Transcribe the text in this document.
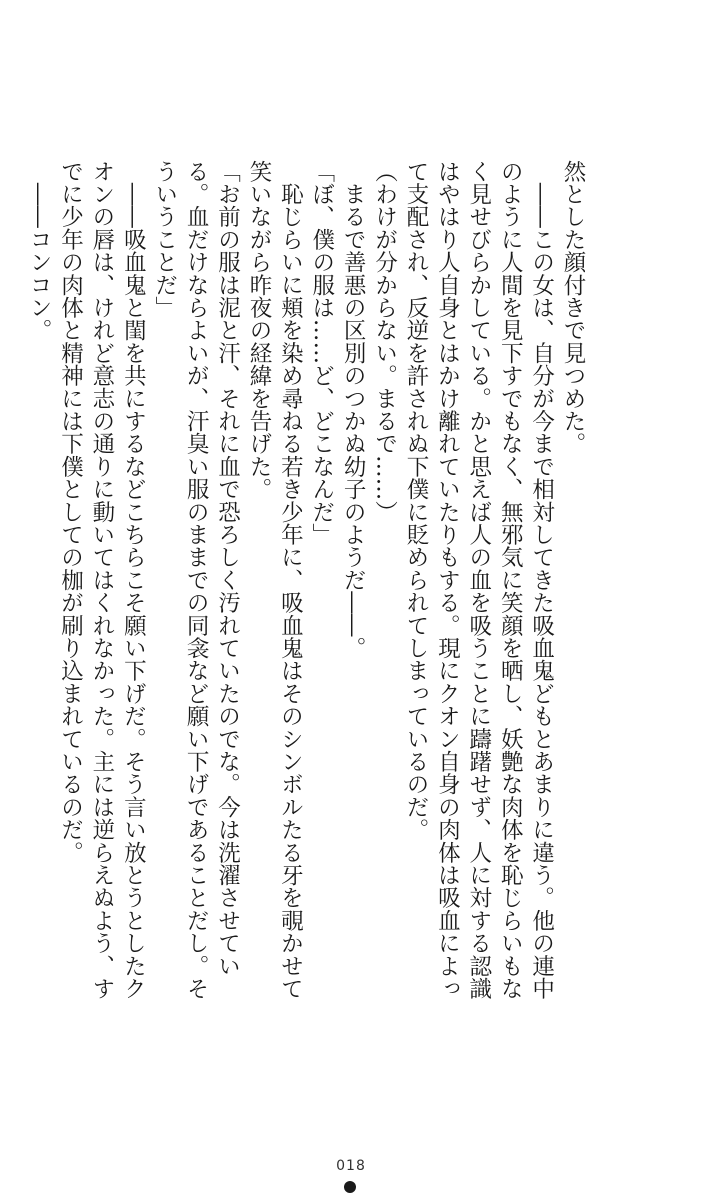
然とした顔付きで見つめた。

　――この女は、自分が今まで相対してきた吸血鬼どもとあまりに違う。他の連中のように人間を見下すでもなく、無邪気に笑顔を晒し、妖艶な肉体を恥じらいもなく見せびらかしている。かと思えば人の血を吸うことに躊躇せず、人に対する認識はやはり人自身とはかけ離れていたりもする。現にクオン自身の肉体は吸血によって支配され、反逆を許されぬ下僕に貶められてしまっているのだ。

（わけが分からない。まるで……）

　まるで善悪の区別のつかぬ幼子のようだ――。

「ぼ、僕の服は……ど、どこなんだ」

　恥じらいに頬を染め尋ねる若き少年に、吸血鬼はそのシンボルたる牙を覗かせて笑いながら昨夜の経緯を告げた。

「お前の服は泥と汗、それに血で恐ろしく汚れていたのでな。今は洗濯させている。血だけならよいが、汗臭い服のままでの同衾など願い下げであることだし。そういうことだ」

　――吸血鬼と閨を共にするなどこちらこそ願い下げだ。そう言い放とうとしたクオンの唇は、けれど意志の通りに動いてはくれなかった。主には逆らえぬよう、すでに少年の肉体と精神には下僕としての枷が刷り込まれているのだ。

　――コンコン。

018
